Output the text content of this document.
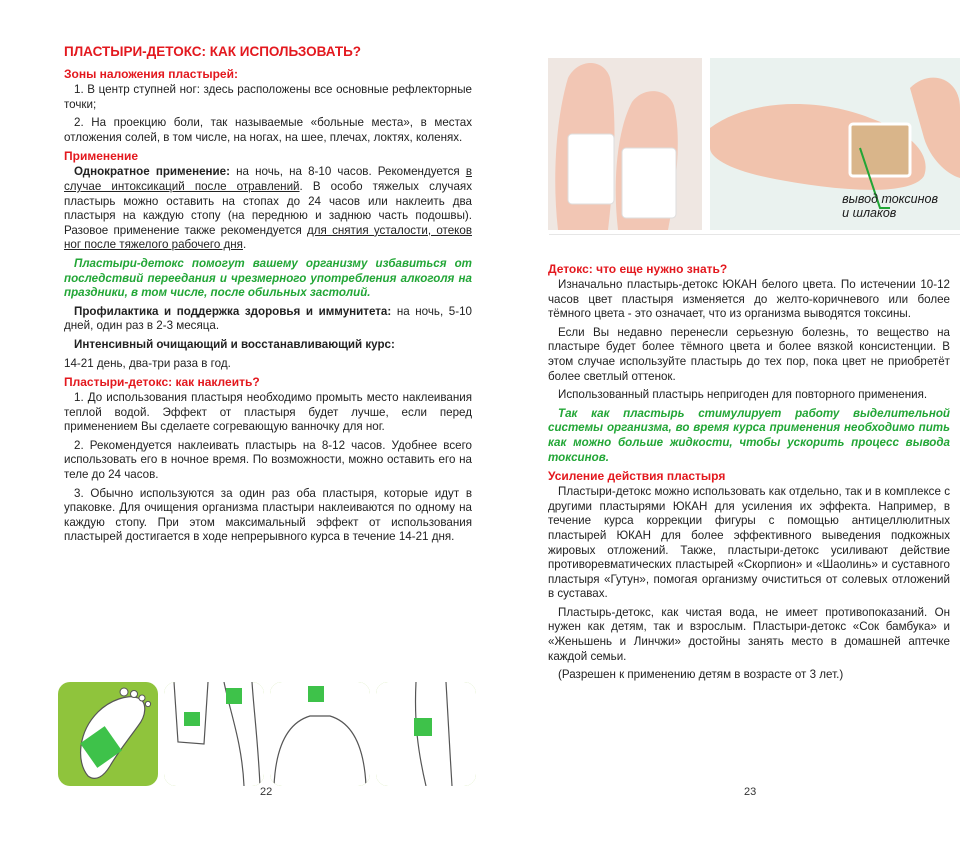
ПЛАСТЫРИ-ДЕТОКС: КАК ИСПОЛЬЗОВАТЬ?
Зоны наложения пластырей:

1. В центр ступней ног: здесь расположены все основные рефлекторные точки;

2. На проекцию боли, так называемые «больные места», в местах отложения солей, в том числе, на ногах, на шее, плечах, локтях, коленях.

Применение

Однократное применение: на ночь, на 8-10 часов. Рекомендуется в случае интоксикаций после отравлений. В особо тяжелых случаях пластырь можно оставить на стопах до 24 часов или наклеить два пластыря на каждую стопу (на переднюю и заднюю часть подошвы). Разовое применение также рекомендуется для снятия усталости, отеков ног после тяжелого рабочего дня.

Пластыри-детокс помогут вашему организму избавиться от последствий переедания и чрезмерного употребления алкоголя на праздники, в том числе, после обильных застолий.

Профилактика и поддержка здоровья и иммунитета: на ночь, 5-10 дней, один раз в 2-3 месяца.

Интенсивный очищающий и восстанавливающий курс:

14-21 день, два-три раза в год.

Пластыри-детокс: как наклеить?

1. До использования пластыря необходимо промыть место наклеивания теплой водой. Эффект от пластыря будет лучше, если перед применением Вы сделаете согревающую ванночку для ног.

2. Рекомендуется наклеивать пластырь на 8-12 часов. Удобнее всего использовать его в ночное время. По возможности, можно оставить его на теле до 24 часов.

3. Обычно используются за один раз оба пластыря, которые идут в упаковке. Для очищения организма пластыри наклеиваются по одному на каждую стопу. При этом максимальный эффект от использования пластырей достигается в ходе непрерывного курса в течение 14-21 дня.

22
вывод токсинов
и шлаков
Детокс: что еще нужно знать?

Изначально пластырь-детокс ЮКАН белого цвета. По истечении 10-12 часов цвет пластыря изменяется до желто-коричневого или более тёмного цвета - это означает, что из организма выводятся токсины.

Если Вы недавно перенесли серьезную болезнь, то вещество на пластыре будет более тёмного цвета и более вязкой консистенции. В этом случае используйте пластырь до тех пор, пока цвет не приобретёт более светлый оттенок.

Использованный пластырь непригоден для повторного применения.

Так как пластырь стимулирует работу выделительной системы организма, во время курса применения необходимо пить как можно больше жидкости, чтобы ускорить процесс вывода токсинов.

Усиление действия пластыря

Пластыри-детокс можно использовать как отдельно, так и в комплексе с другими пластырями ЮКАН для усиления их эффекта. Например, в течение курса коррекции фигуры с помощью антицеллюлитных пластырей ЮКАН для более эффективного выведения подкожных жировых отложений. Также, пластыри-детокс усиливают действие противоревматических пластырей «Скорпион» и «Шаолинь» и суставного пластыря «Гутун», помогая организму очиститься от солевых отложений в суставах.

Пластырь-детокс, как чистая вода, не имеет противопоказаний. Он нужен как детям, так и взрослым. Пластыри-детокс «Сок бамбука» и «Женьшень и Линчжи» достойны занять место в домашней аптечке каждой семьи.

(Разрешен к применению детям в возрасте от 3 лет.)

23
